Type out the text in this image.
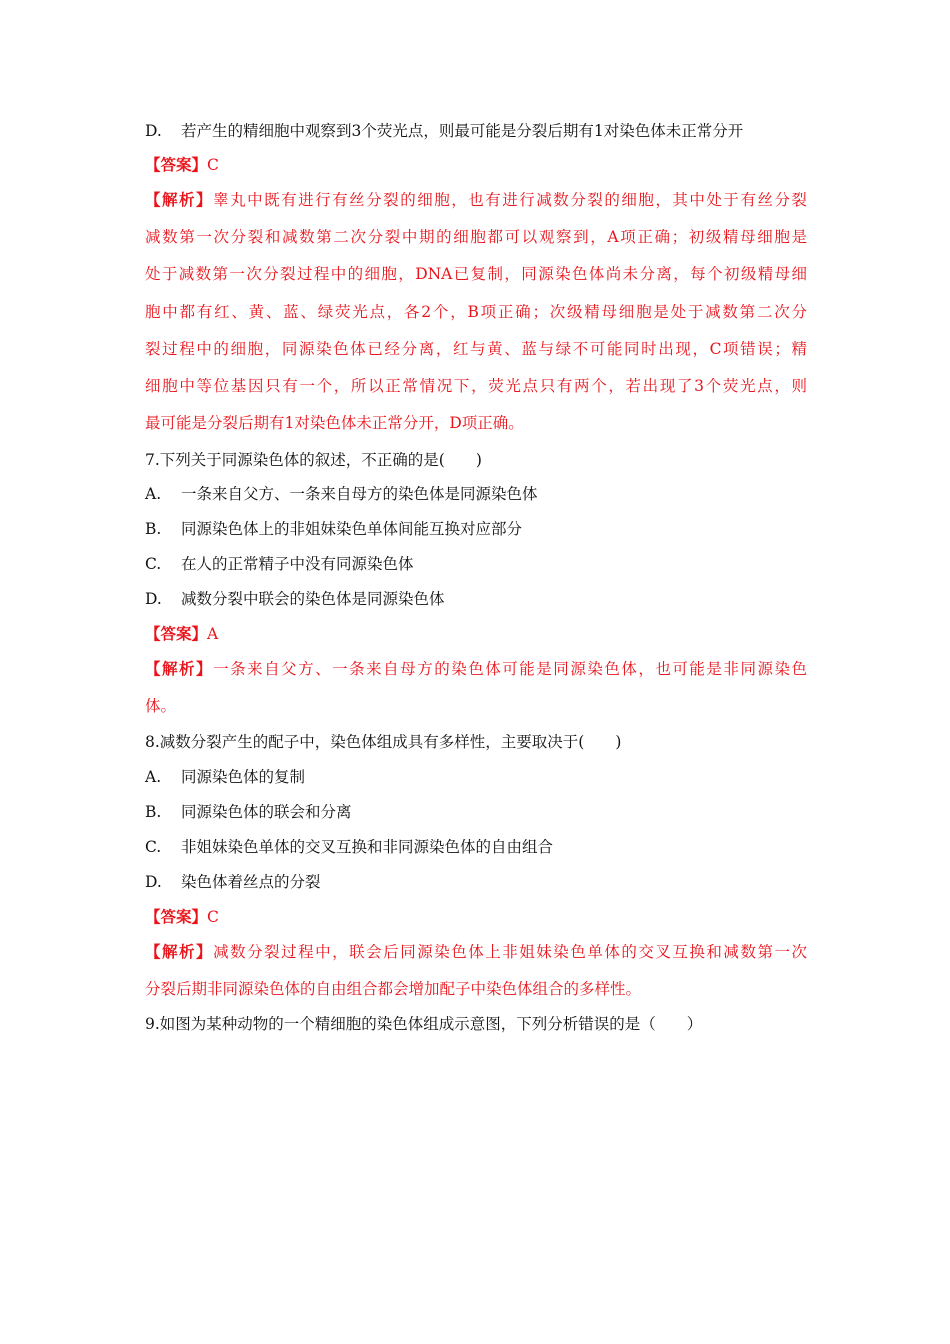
D. 若产生的精细胞中观察到3个荧光点，则最可能是分裂后期有1对染色体未正常分开
【答案】C
【解析】睾丸中既有进行有丝分裂的细胞，也有进行减数分裂的细胞，其中处于有丝分裂
减数第一次分裂和减数第二次分裂中期的细胞都可以观察到，A项正确；初级精母细胞是
处于减数第一次分裂过程中的细胞，DNA已复制，同源染色体尚未分离，每个初级精母细
胞中都有红、黄、蓝、绿荧光点，各2个，B项正确；次级精母细胞是处于减数第二次分
裂过程中的细胞，同源染色体已经分离，红与黄、蓝与绿不可能同时出现，C项错误；精
细胞中等位基因只有一个，所以正常情况下，荧光点只有两个，若出现了3个荧光点，则
最可能是分裂后期有1对染色体未正常分开，D项正确。
7.下列关于同源染色体的叙述，不正确的是(　　)
A. 一条来自父方、一条来自母方的染色体是同源染色体
B. 同源染色体上的非姐妹染色单体间能互换对应部分
C. 在人的正常精子中没有同源染色体
D. 减数分裂中联会的染色体是同源染色体
【答案】A
【解析】一条来自父方、一条来自母方的染色体可能是同源染色体，也可能是非同源染色
体。
8.减数分裂产生的配子中，染色体组成具有多样性，主要取决于(　　)
A. 同源染色体的复制
B. 同源染色体的联会和分离
C. 非姐妹染色单体的交叉互换和非同源染色体的自由组合
D. 染色体着丝点的分裂
【答案】C
【解析】减数分裂过程中，联会后同源染色体上非姐妹染色单体的交叉互换和减数第一次
分裂后期非同源染色体的自由组合都会增加配子中染色体组合的多样性。
9.如图为某种动物的一个精细胞的染色体组成示意图，下列分析错误的是（　　）
